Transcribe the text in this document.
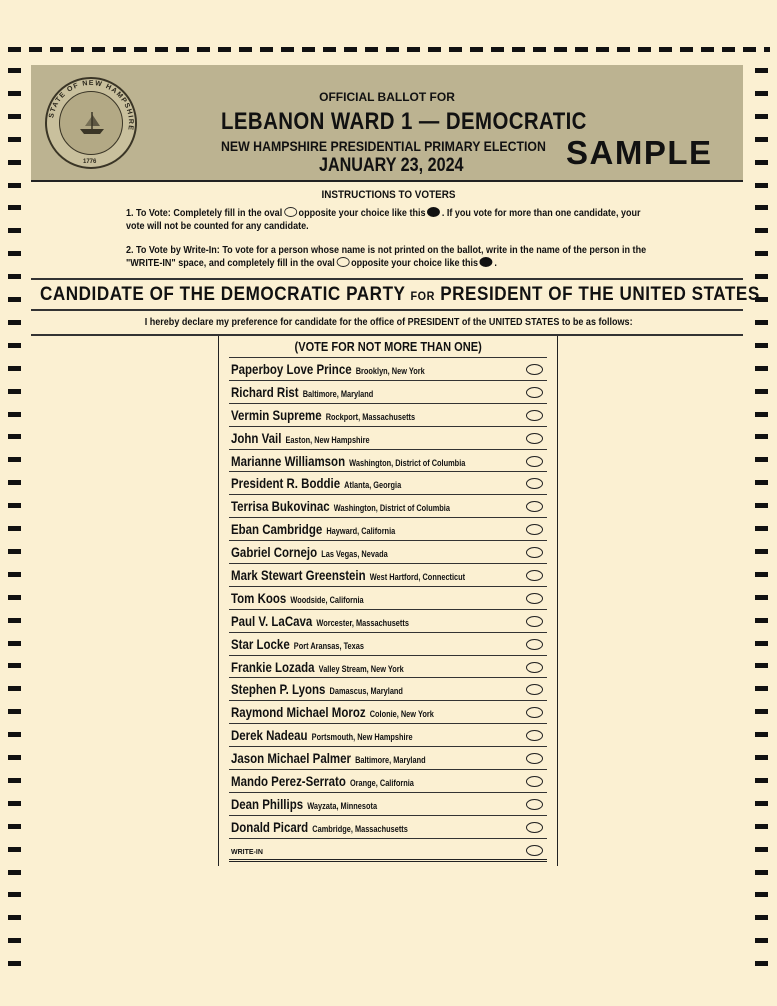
STATE OF NEW HAMPSHIRE
1776
OFFICIAL BALLOT FOR
LEBANON WARD 1 — DEMOCRATIC
NEW HAMPSHIRE PRESIDENTIAL PRIMARY ELECTION
JANUARY 23, 2024	SAMPLE
INSTRUCTIONS TO VOTERS

1. To Vote: Completely fill in the oval opposite your choice like this . If you vote for more than one candidate, your vote will not be counted for any candidate.

2. To Vote by Write-In: To vote for a person whose name is not printed on the ballot, write in the name of the person in the "WRITE-IN" space, and completely fill in the oval opposite your choice like this .

CANDIDATE OF THE DEMOCRATIC PARTY FOR PRESIDENT OF THE UNITED STATES
I hereby declare my preference for candidate for the office of PRESIDENT of the UNITED STATES to be as follows:
(VOTE FOR NOT MORE THAN ONE)
Paperboy Love Prince Brooklyn, New York
Richard Rist Baltimore, Maryland
Vermin Supreme Rockport, Massachusetts
John Vail Easton, New Hampshire
Marianne Williamson Washington, District of Columbia
President R. Boddie Atlanta, Georgia
Terrisa Bukovinac Washington, District of Columbia
Eban Cambridge Hayward, California
Gabriel Cornejo Las Vegas, Nevada
Mark Stewart Greenstein West Hartford, Connecticut
Tom Koos Woodside, California
Paul V. LaCava Worcester, Massachusetts
Star Locke Port Aransas, Texas
Frankie Lozada Valley Stream, New York
Stephen P. Lyons Damascus, Maryland
Raymond Michael Moroz Colonie, New York
Derek Nadeau Portsmouth, New Hampshire
Jason Michael Palmer Baltimore, Maryland
Mando Perez-Serrato Orange, California
Dean Phillips Wayzata, Minnesota
Donald Picard Cambridge, Massachusetts
WRITE-IN
